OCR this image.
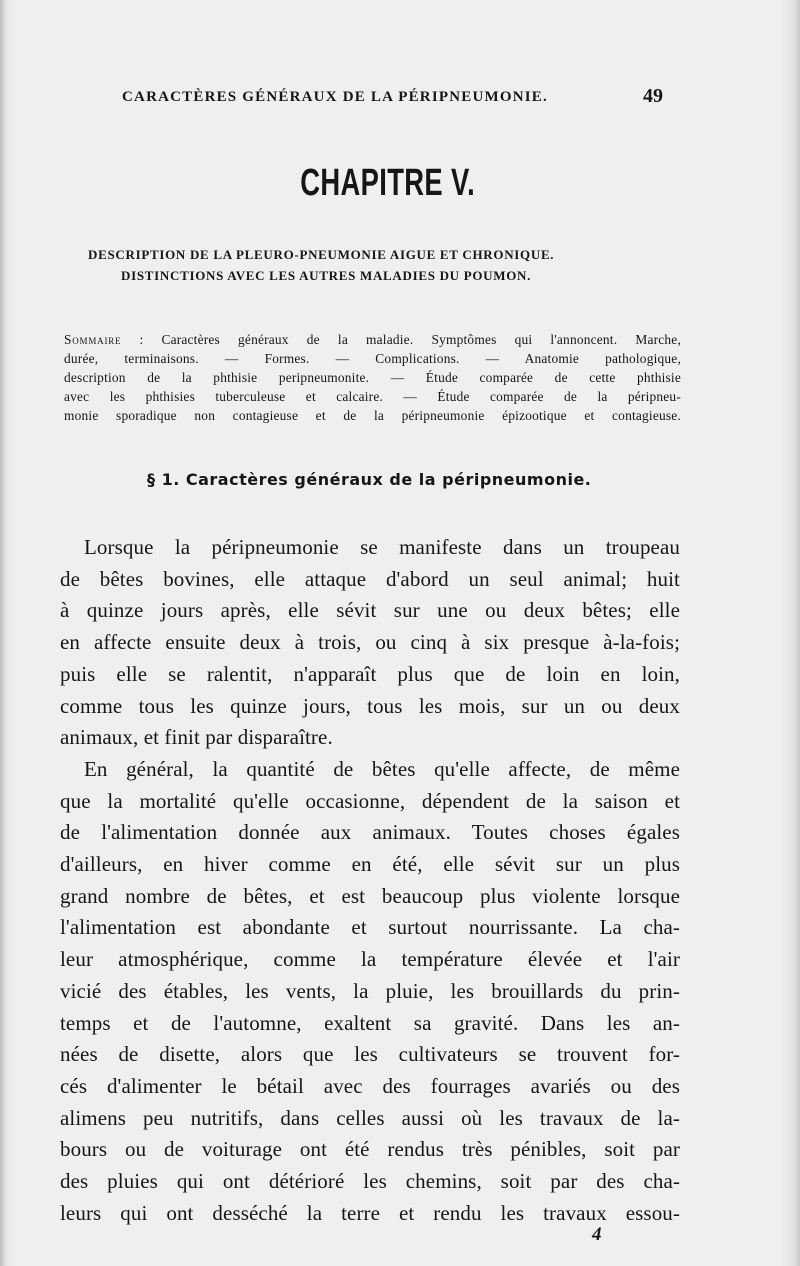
CARACTÈRES GÉNÉRAUX DE LA PÉRIPNEUMONIE.	49
CHAPITRE V.
DESCRIPTION DE LA PLEURO-PNEUMONIE AIGUE ET CHRONIQUE.
DISTINCTIONS AVEC LES AUTRES MALADIES DU POUMON.
Sommaire : Caractères généraux de la maladie. Symptômes qui l'annoncent. Marche,
durée, terminaisons. — Formes. — Complications. — Anatomie pathologique,
description de la phthisie peripneumonite. — Étude comparée de cette phthisie
avec les phthisies tuberculeuse et calcaire. — Étude comparée de la péripneu-
monie sporadique non contagieuse et de la péripneumonie épizootique et contagieuse.
§ 1. Caractères généraux de la péripneumonie.
Lorsque la péripneumonie se manifeste dans un troupeau
de bêtes bovines, elle attaque d'abord un seul animal; huit
à quinze jours après, elle sévit sur une ou deux bêtes; elle
en affecte ensuite deux à trois, ou cinq à six presque à-la-fois;
puis elle se ralentit, n'apparaît plus que de loin en loin,
comme tous les quinze jours, tous les mois, sur un ou deux
animaux, et finit par disparaître.
En général, la quantité de bêtes qu'elle affecte, de même
que la mortalité qu'elle occasionne, dépendent de la saison et
de l'alimentation donnée aux animaux. Toutes choses égales
d'ailleurs, en hiver comme en été, elle sévit sur un plus
grand nombre de bêtes, et est beaucoup plus violente lorsque
l'alimentation est abondante et surtout nourrissante. La cha-
leur atmosphérique, comme la température élevée et l'air
vicié des étables, les vents, la pluie, les brouillards du prin-
temps et de l'automne, exaltent sa gravité. Dans les an-
nées de disette, alors que les cultivateurs se trouvent for-
cés d'alimenter le bétail avec des fourrages avariés ou des
alimens peu nutritifs, dans celles aussi où les travaux de la-
bours ou de voiturage ont été rendus très pénibles, soit par
des pluies qui ont détérioré les chemins, soit par des cha-
leurs qui ont desséché la terre et rendu les travaux essou-
4
